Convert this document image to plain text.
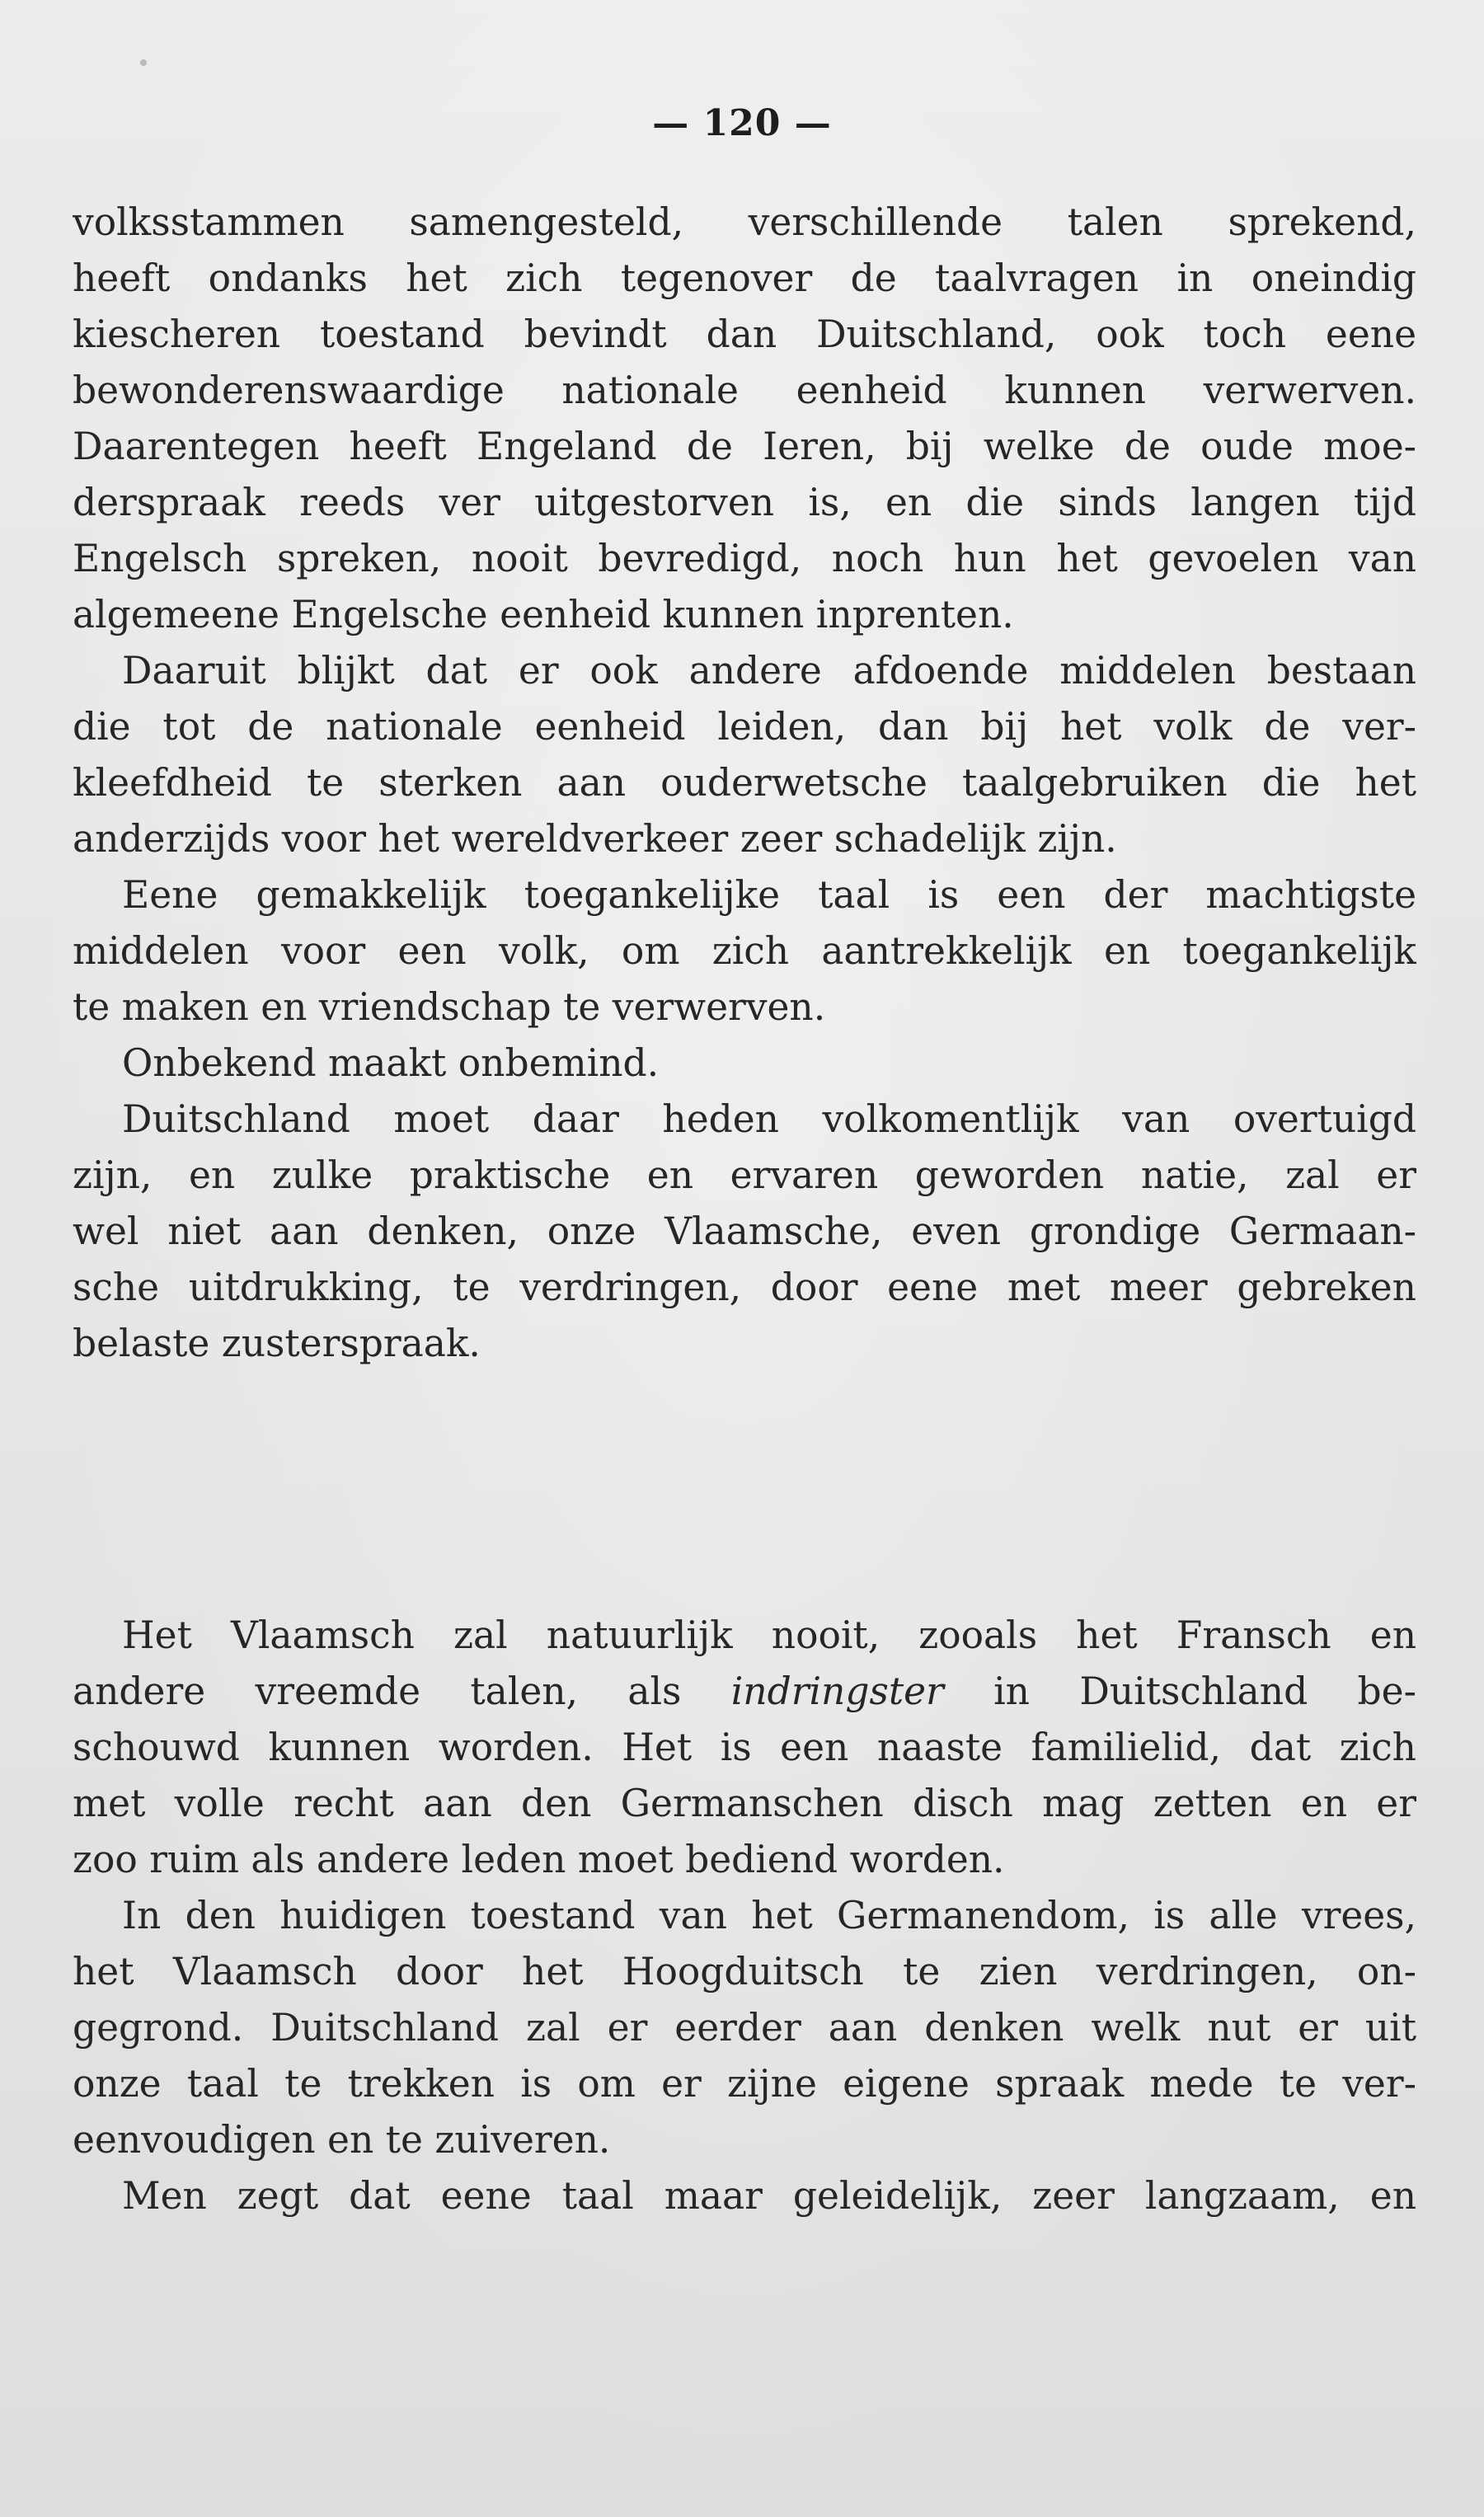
— 120 —
volksstammen samengesteld, verschillende talen sprekend,
heeft ondanks het zich tegenover de taalvragen in oneindig
kiescheren toestand bevindt dan Duitschland, ook toch eene
bewonderenswaardige nationale eenheid kunnen verwerven.
Daarentegen heeft Engeland de Ieren, bij welke de oude moe-
derspraak reeds ver uitgestorven is, en die sinds langen tijd
Engelsch spreken, nooit bevredigd, noch hun het gevoelen van
algemeene Engelsche eenheid kunnen inprenten.
Daaruit blijkt dat er ook andere afdoende middelen bestaan
die tot de nationale eenheid leiden, dan bij het volk de ver-
kleefdheid te sterken aan ouderwetsche taalgebruiken die het
anderzijds voor het wereldverkeer zeer schadelijk zijn.
Eene gemakkelijk toegankelijke taal is een der machtigste
middelen voor een volk, om zich aantrekkelijk en toegankelijk
te maken en vriendschap te verwerven.
Onbekend maakt onbemind.
Duitschland moet daar heden volkomentlijk van overtuigd
zijn, en zulke praktische en ervaren geworden natie, zal er
wel niet aan denken, onze Vlaamsche, even grondige Germaan-
sche uitdrukking, te verdringen, door eene met meer gebreken
belaste zusterspraak.
Het Vlaamsch zal natuurlijk nooit, zooals het Fransch en
andere vreemde talen, als indringster in Duitschland be-
schouwd kunnen worden. Het is een naaste familielid, dat zich
met volle recht aan den Germanschen disch mag zetten en er
zoo ruim als andere leden moet bediend worden.
In den huidigen toestand van het Germanendom, is alle vrees,
het Vlaamsch door het Hoogduitsch te zien verdringen, on-
gegrond. Duitschland zal er eerder aan denken welk nut er uit
onze taal te trekken is om er zijne eigene spraak mede te ver-
eenvoudigen en te zuiveren.
Men zegt dat eene taal maar geleidelijk, zeer langzaam, en
